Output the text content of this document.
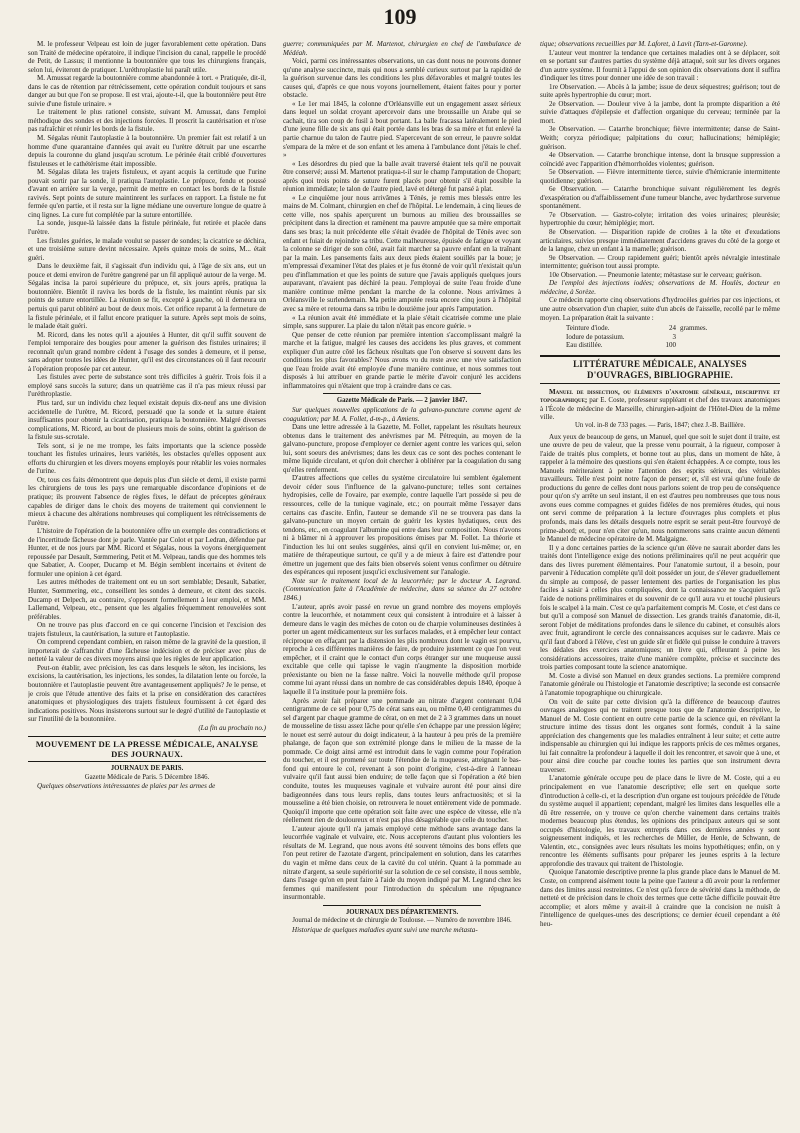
109

M. le professeur Velpeau est loin de juger favorablement cette opération. Dans son Traité de médecine opératoire, il indique l'incision du canal, rappelle le procédé de Petit, de Lassus; il mentionne la boutonnière que tous les chirurgiens français, selon lui, éviteront de pratiquer. L'uréthroplastie lui paraît utile.

M. Amussat regarde la boutonnière comme abandonnée à tort. « Pratiquée, dit-il, dans le cas de rétention par rétrécissement, cette opération conduit toujours et sans danger au but que l'on se propose. Il est vrai, ajoute-t-il, que la boutonnière peut être suivie d'une fistule urinaire. »

Le traitement le plus rationel consiste, suivant M. Amussat, dans l'emploi méthodique des sondes et des injections forcées. Il proscrit la cautérisation et n'ose pas rafraîchir et réunir les bords de la fistule.

M. Ségalas réunit l'autoplastie à la boutonnière. Un premier fait est relatif à un homme d'une quarantaine d'années qui avait eu l'urètre détruit par une escarrhe depuis la couronne du gland jusqu'au scrotum. Le périnée était criblé d'ouvertures fistuleuses et le cathétérisme était impossible.

M. Ségalas dilata les trajets fistuleux, et ayant acquis la certitude que l'urine pouvait sortir par la sonde, il pratiqua l'autoplastie. Le prépuce, fendu et poussé d'avant en arrière sur la verge, permit de mettre en contact les bords de la fistule ravivés. Sept points de suture maintinrent les surfaces en rapport. La fistule ne fut fermée qu'en partie, et il resta sur la ligne médiane une ouverture longue de quatre à cinq lignes. La cure fut complétée par la suture entortillée.

La sonde, jusque-là laissée dans la fistule périnéale, fut retirée et placée dans l'urètre.

Les fistules guéries, le malade voulut se passer de sondes; la cicatrice se déchira, et une troisième suture devint nécessaire. Après quinze mois de soins, M... était guéri.

Dans le deuxième fait, il s'agissait d'un individu qui, à l'âge de six ans, eut un pouce et demi environ de l'urètre gangrené par un fil appliqué autour de la verge. M. Ségalas incisa la paroi supérieure du prépuce, et, six jours après, pratiqua la boutonnière. Bientôt il raviva les bords de la fistule, les maintint réunis par six points de suture entortillée. La réunion se fit, excepté à gauche, où il demeura un pertuis qui parut oblitéré au bout de deux mois. Cet orifice reparut à la fermeture de la fistule périnéale, et il fallut encore pratiquer la suture. Après sept mois de soins, le malade était guéri.

M. Ricord, dans les notes qu'il a ajoutées à Hunter, dit qu'il suffit souvent de l'emploi temporaire des bougies pour amener la guérison des fistules urinaires; il reconnaît qu'un grand nombre cèdent à l'usage des sondes à demeure, et il pense, sans adopter toutes les idées de Hunter, qu'il est des circonstances où il faut recourir à l'opération proposée par cet auteur.

Les fistules avec perte de substance sont très difficiles à guérir. Trois fois il a employé sans succès la suture; dans un quatrième cas il n'a pas mieux réussi par l'uréthroplastie.

Plus tard, sur un individu chez lequel existait depuis dix-neuf ans une division accidentelle de l'urètre, M. Ricord, persuadé que la sonde et la suture étaient insuffisantes pour obtenir la cicatrisation, pratiqua la boutonnière. Malgré diverses complications, M. Ricord, au bout de plusieurs mois de soins, obtint la guérison de la fistule sus-scrotale.

Tels sont, si je ne me trompe, les faits importants que la science possède touchant les fistules urinaires, leurs variétés, les obstacles qu'elles opposent aux efforts du chirurgien et les divers moyens employés pour rétablir les voies normales de l'urine.

Or, tous ces faits démontrent que depuis plus d'un siècle et demi, il existe parmi les chirurgiens de tous les pays une remarquable discordance d'opinions et de pratique; ils prouvent l'absence de règles fixes, le défaut de préceptes généraux capables de diriger dans le choix des moyens de traitement qui conviennent le mieux à chacune des altérations nombreuses qui compliquent les rétrécissements de l'urètre.

L'histoire de l'opération de la boutonnière offre un exemple des contradictions et de l'incertitude fâcheuse dont je parle. Vantée par Colot et par Ledran, défendue par Hunter, et de nos jours par MM. Ricord et Ségalas, nous la voyons énergiquement repoussée par Desault, Sœmmering, Petit et M. Velpeau, tandis que des hommes tels que Sabatier, A. Cooper, Ducamp et M. Bégin semblent incertains et évitent de formuler une opinion à cet égard.

Les autres méthodes de traitement ont eu un sort semblable; Desault, Sabatier, Hunter, Sœmmering, etc., conseillent les sondes à demeure, et citent des succès. Ducamp et Delpech, au contraire, s'opposent formellement à leur emploi, et MM. Lallemand, Velpeau, etc., pensent que les algalies fréquemment renouvelées sont préférables.

On ne trouve pas plus d'accord en ce qui concerne l'incision et l'excision des trajets fistuleux, la cautérisation, la suture et l'autoplastie.

On comprend cependant combien, en raison même de la gravité de la question, il importerait de s'affranchir d'une fâcheuse indécision et de préciser avec plus de netteté la valeur de ces divers moyens ainsi que les règles de leur application.

Peut-on établir, avec précision, les cas dans lesquels le séton, les incisions, les excisions, la cautérisation, les injections, les sondes, la dilatation lente ou forcée, la boutonnière et l'autoplastie peuvent être avantageusement appliqués? Je le pense, et je crois que l'étude attentive des faits et la prise en considération des caractères anatomiques et physiologiques des trajets fistuleux fournissent à cet égard des indications positives. Nous insisterons surtout sur le degré d'utilité de l'autoplastie et sur l'inutilité de la boutonnière.

(La fin au prochain no.)

MOUVEMENT DE LA PRESSE MÉDICALE, ANALYSE DES JOURNAUX.

JOURNAUX DE PARIS.

Gazette Médicale de Paris. 5 Décembre 1846.

Quelques observations intéressantes de plaies par les armes de

guerre; communiquées par M. Martenot, chirurgien en chef de l'ambulance de Médéah.

Voici, parmi ces intéressantes observations, un cas dont nous ne pouvons donner qu'une analyse succincte, mais qui nous a semblé curieux surtout par la rapidité de la guérison survenue dans les conditions les plus défavorables et malgré toutes les causes qui, d'après ce que nous voyons journellement, étaient faites pour y porter obstacle.

« Le 1er mai 1845, la colonne d'Orléansville eut un engagement assez sérieux dans lequel un soldat croyant apercevoir dans une broussaille un Arabe qui se cachait, tira son coup de fusil à bout portant. La balle fracassa latéralement le pied d'une jeune fille de six ans qui était portée dans les bras de sa mère et fut enlevé la partie charnue du talon de l'autre pied. S'apercevant de son erreur, le pauvre soldat s'empara de la mère et de son enfant et les amena à l'ambulance dont j'étais le chef. »

« Les désordres du pied que la balle avait traversé étaient tels qu'il ne pouvait être conservé; aussi M. Martenot pratiqua-t-il sur le champ l'amputation de Chopart; après quoi trois points de suture furent placés pour obtenir s'il était possible la réunion immédiate; le talon de l'autre pied, lavé et détergé fut pansé à plat.

« Le cinquième jour nous arrivâmes à Ténès, je remis mes blessés entre les mains de M. Colmant, chirurgien en chef de l'hôpital. Le lendemain, à cinq lieues de cette ville, nos spahis aperçurent un burnous au milieu des broussailles se précipitent dans la direction et ramènent ma pauvre amputée que sa mère emportait dans ses bras; la nuit précédente elle s'était évadée de l'hôpital de Ténès avec son enfant et fuiait de rejoindre sa tribu. Cette malheureuse, épuisée de fatigue et voyant la colonne se diriger de son côté, avait fait marcher sa pauvre enfant en la traînant par la main. Les pansements faits aux deux pieds étaient souillés par la boue; je m'empressai d'examiner l'état des plaies et je fus étonné de voir qu'il n'existait qu'un peu d'inflammation et que les points de suture que j'avais appliqués quelques jours auparavant, n'avaient pas déchiré la peau. J'employai de suite l'eau froide d'une manière continue même pendant la marche de la colonne. Nous arrivâmes à Orléansville le surlendemain. Ma petite amputée resta encore cinq jours à l'hôpital avec sa mère et retourna dans sa tribu le douzième jour après l'amputation.

« La réunion avait été immédiate et la plaie s'était cicatrisée comme une plaie simple, sans suppurer. La plaie du talon n'était pas encore guérie. »

Que penser de cette réunion par première intention s'accomplissant malgré la marche et la fatigue, malgré les causes des accidens les plus graves, et comment expliquer d'un autre côté les fâcheux résultats que l'on observe si souvent dans les conditions les plus favorables? Nous avons vu du reste avec une vive satisfaction que l'eau froide avait été employée d'une manière continue, et nous sommes tout disposés à lui attribuer en grande partie le mérite d'avoir conjuré les accidens inflammatoires qui n'étaient que trop à craindre dans ce cas.

Gazette Médicale de Paris. — 2 janvier 1847.

Sur quelques nouvelles applications de la galvano-puncture comme agent de coagulation; par M. A. Follet, d-m-p., à Amiens.

Dans une lettre adressée à la Gazette, M. Follet, rappelant les résultats heureux obtenus dans le traitement des anévrismes par M. Pétrequin, au moyen de la galvano-puncture, propose d'employer ce dernier agent contre les varices qui, selon lui, sont soeurs des anévrismes; dans les deux cas ce sont des poches contenant le même liquide circulant, et qu'on doit chercher à oblitérer par la coagulation du sang qu'elles renferment.

D'autres affections que celles du système circulatoire lui semblent également devoir céder sous l'influence de la galvano-puncture; telles sont certaines hydropisies, celle de l'ovaire, par exemple, contre laquelle l'art possède si peu de ressources, celle de la tunique vaginale, etc.; on pourrait même l'essayer dans certains cas d'ascite. Enfin, l'auteur se demande s'il ne se trouvera pas dans la galvano-puncture un moyen certain de guérir les kystes hydatiques, ceux des tendons, etc., en coagulant l'albumine qui entre dans leur composition. Nous n'avons ni à blâmer ni à approuver les propositions émises par M. Follet. La théorie et l'induction les lui ont seules suggérées, ainsi qu'il en convient lui-même; or, en matière de thérapeutique surtout, ce qu'il y a de mieux à faire est d'attendre pour émettre un jugement que des faits bien observés soient venus confirmer ou détruire des espérances qui reposent jusqu'ici exclusivement sur l'analogie.

Note sur le traitement local de la leucorrhée; par le docteur A. Legrand. (Communication faite à l'Académie de médecine, dans sa séance du 27 octobre 1846.)

L'auteur, après avoir passé en revue un grand nombre des moyens employés contre la leucorrhée, et notamment ceux qui consistent à introduire et à laisser à demeure dans le vagin des mèches de coton ou de charpie volumineuses destinées à porter un agent médicamenteux sur les surfaces malades, et à empêcher leur contact réciproque en effaçant par la distension les plis nombreux dont le vagin est pourvu, reproche à ces différentes manières de faire, de produire justement ce que l'on veut empêcher, et il craint que le contact d'un corps étranger sur une muqueuse aussi excitable que celle qui tapisse le vagin n'augmente la disposition morbide préexistante ou bien ne la fasse naître. Voici la nouvelle méthode qu'il propose comme lui ayant réussi dans un nombre de cas considérables depuis 1840, époque à laquelle il l'a instituée pour la première fois.

Après avoir fait préparer une pommade au nitrate d'argent contenant 0,04 centigramme de ce sel pour 0,75 de cérat sans eau, ou même 0,40 centigrammes du sel d'argent par chaque gramme de cérat, on en met de 2 à 3 grammes dans un nouet de mousseline de tissu assez lâche pour qu'elle s'en échappe par une pression légère; le nouet est serré autour du doigt indicateur, à la hauteur à peu près de la première phalange, de façon que son extrémité plonge dans le milieu de la masse de la pommade. Ce doigt ainsi armé est introduit dans le vagin comme pour l'opération du toucher, et il est promené sur toute l'étendue de la muqueuse, atteignant le bas-fond qui entoure le col, revenant à son point d'origine, c'est-à-dire à l'anneau vulvaire qu'il faut aussi bien enduire; de telle façon que si l'opération a été bien conduite, toutes les muqueuses vaginale et vulvaire auront été pour ainsi dire badigeonnées dans tous leurs replis, dans toutes leurs anfractuosités; et si la mousseline a été bien choisie, on retrouvera le nouet entièrement vide de pommade. Quoiqu'il importe que cette opération soit faite avec une espèce de vitesse, elle n'a réellement rien de douloureux et n'est pas plus désagréable que celle du toucher.

L'auteur ajoute qu'il n'a jamais employé cette méthode sans avantage dans la leucorrhée vaginale et vulvaire, etc. Nous accepterons d'autant plus volontiers les résultats de M. Legrand, que nous avons été souvent témoins des bons effets que l'on peut retirer de l'azotate d'argent, principalement en solution, dans les catarrhes du vagin et même dans ceux de la cavité du col utérin. Quant à la pommade au nitrate d'argent, sa seule supériorité sur la solution de ce sel consiste, il nous semble, dans l'usage qu'on en peut faire à l'aide du moyen indiqué par M. Legrand chez les femmes qui manifestent pour l'introduction du spéculum une répugnance insurmontable.

JOURNAUX DES DÉPARTEMENTS.

Journal de médecine et de chirurgie de Toulouse. — Numéro de novembre 1846.

Historique de quelques maladies ayant suivi une marche métasta-

tique; observations recueillies par M. Laforet, à Lavit (Tarn-et-Garonne).

L'auteur veut montrer la tendance que certaines maladies ont à se déplacer, soit en se portant sur d'autres parties du système déjà attaqué, soit sur les divers organes d'un autre système. Il fournit à l'appui de son opinion dix observations dont il suffira d'indiquer les titres pour donner une idée de son travail :

1re Observation. — Abcès à la jambe; issue de deux séquestres; guérison; tout de suite après hypertrophie du cœur; mort.

2e Observation. — Douleur vive à la jambe, dont la prompte disparition a été suivie d'attaques d'épilepsie et d'affection organique du cerveau; terminée par la mort.

3e Observation. — Catarrhe bronchique; fièvre intermittente; danse de Saint-Weith; coryza périodique; palpitations du cœur; hallucinations; hémiplégie; guérison.

4e Observation. — Catarrhe bronchique intense, dont la brusque suppression a coïncidé avec l'apparition d'hémorrhoïdes violentes; guérison.

5e Observation. — Fièvre intermittente tierce, suivie d'hémicranie intermittente quotidienne; guérison.

6e Observation. — Catarrhe bronchique suivant régulièrement les degrés d'exaspération ou d'affaiblissement d'une tumeur blanche, avec hydarthrose survenue spontanément.

7e Observation. — Gastro-colyte; irritation des voies urinaires; pleurésie; hypertrophie du cœur; hémiplégie; mort.

8e Observation. — Disparition rapide de croûtes à la tête et d'exudations articulaires, suivies presque immédiatement d'accidens graves du côté de la gorge et de la langue, chez un enfant à la mamelle; guérison.

9e Observation. — Croup rapidement guéri; bientôt après névralgie intestinale intermittente; guérison tout aussi prompte.

10e Observation. — Pneumonie latente; métastase sur le cerveau; guérison.

De l'emploi des injections iodées; observations de M. Houlès, docteur en médecine, à Sorèze.

Ce médecin rapporte cinq observations d'hydrocèles guéries par ces injections, et une autre observation d'un chapier, suite d'un abcès de l'aisselle, recollé par le même moyen. La préparation était la suivante :

Teinture d'iode.	24 grammes.
Iodure de potassium.	3
Eau distillée.	100
LITTÉRATURE MÉDICALE, ANALYSES D'OUVRAGES, BIBLIOGRAPHIE.

Manuel de dissection, ou éléments d'anatomie générale, descriptive et topographique; par E. Coste, professeur suppléant et chef des travaux anatomiques à l'École de médecine de Marseille, chirurgien-adjoint de l'Hôtel-Dieu de la même ville.

Un vol. in-8 de 733 pages. — Paris, 1847; chez J.-B. Baillière.

Aux yeux de beaucoup de gens, un Manuel, quel que soit le sujet dont il traite, est une œuvre de peu de valeur, que la presse venu pourrait, à la rigueur, composer à l'aide de traités plus complets, et bonne tout au plus, dans un moment de hâte, à rappeler à la mémoire des questions qui s'en étaient échappées. A ce compte, tous les Manuels mériteraient à peine l'attention des esprits sérieux, des véritables travailleurs. Telle n'est point notre façon de penser; et, s'il est vrai qu'une foule de productions du genre de celles dont nous parlons soient de trop peu de conséquence pour qu'on s'y arrête un seul instant, il en est d'autres peu nombreuses que tous nous avons eues comme compagnes et guides fidèles de nos premières études, qui nous ont servi comme de préparation à la lecture d'ouvrages plus complets et plus profonds, mais dans les détails desquels notre esprit se serait peut-être fourvoyé de prime-abord; et, pour n'en citer qu'un, nous nommerons sans crainte aucun démenti le Manuel de médecine opératoire de M. Malgaigne.

Il y a donc certaines parties de la science qu'un élève ne saurait aborder dans les traités dont l'intelligence exige des notions préliminaires qu'il ne peut acquérir que dans des livres purement élémentaires. Pour l'anatomie surtout, il a besoin, pour parvenir à l'éducation complète qu'il doit posséder un jour, de s'élever graduellement du simple au composé, de passer lentement des parties de l'organisation les plus faciles à saisir à celles plus compliquées, dont la connaissance ne s'acquiert qu'à l'aide de notions préliminaires et du souvenir de ce qu'il aura vu et touché plusieurs fois le scalpel à la main. C'est ce qu'a parfaitement compris M. Coste, et c'est dans ce but qu'il a composé son Manuel de dissection. Les grands traités d'anatomie, dit-il, seront l'objet de méditations profondes dans le silence du cabinet, et consultés alors avec fruit, agrandiront le cercle des connaissances acquises sur le cadavre. Mais ce qu'il faut d'abord à l'élève, c'est un guide sûr et fidèle qui puisse le conduire à travers les dédales des exercices anatomiques; un livre qui, effleurant à peine les considérations accessoires, traite d'une manière complète, précise et succincte des trois parties composant toute la science anatomique.

M. Coste a divisé son Manuel en deux grandes sections. La première comprend l'anatomie générale ou l'histologie et l'anatomie descriptive; la seconde est consacrée à l'anatomie topographique ou chirurgicale.

On voit de suite par cette division qu'à la différence de beaucoup d'autres ouvrages analogues qui ne traitent presque tous que de l'anatomie descriptive, le Manuel de M. Coste contient en outre cette partie de la science qui, en révélant la structure intime des tissus dont les organes sont formés, conduit à la saine appréciation des changements que les maladies entraînent à leur suite; et cette autre indispensable au chirurgien qui lui indique les rapports précis de ces mêmes organes, lui fait connaître la profondeur à laquelle il doit les rencontrer, et savoir que à une, et pour ainsi dire couche par couche toutes les parties que son instrument devra traverser.

L'anatomie générale occupe peu de place dans le livre de M. Coste, qui a eu principalement en vue l'anatomie descriptive; elle sert en quelque sorte d'introduction à celle-ci, et la description d'un organe est toujours précédée de l'étude du système auquel il appartient; cependant, malgré les limites dans lesquelles elle a dû être resserrée, on y trouve ce qu'on cherche vainement dans certains traités modernes beaucoup plus étendus, les opinions des principaux auteurs qui se sont occupés d'histologie, les travaux entrepris dans ces dernières années y sont soigneusement indiqués, et les recherches de Müller, de Henle, de Schwann, de Valentin, etc., consignées avec leurs résultats les moins hypothétiques; enfin, on y rencontre les éléments suffisants pour préparer les jeunes esprits à la lecture approfondie des travaux qui traitent de l'histologie.

Quoique l'anatomie descriptive prenne la plus grande place dans le Manuel de M. Coste, on comprend aisément toute la peine que l'auteur a dû avoir pour la renfermer dans des limites aussi restreintes. Ce n'est qu'à force de sévérité dans la méthode, de netteté et de précision dans le choix des termes que cette tâche difficile pouvait être accomplie; et alors même y avait-il à craindre que la concision ne nuisît à l'intelligence de quelques-unes des descriptions; ce dernier écueil cependant a été heu-
